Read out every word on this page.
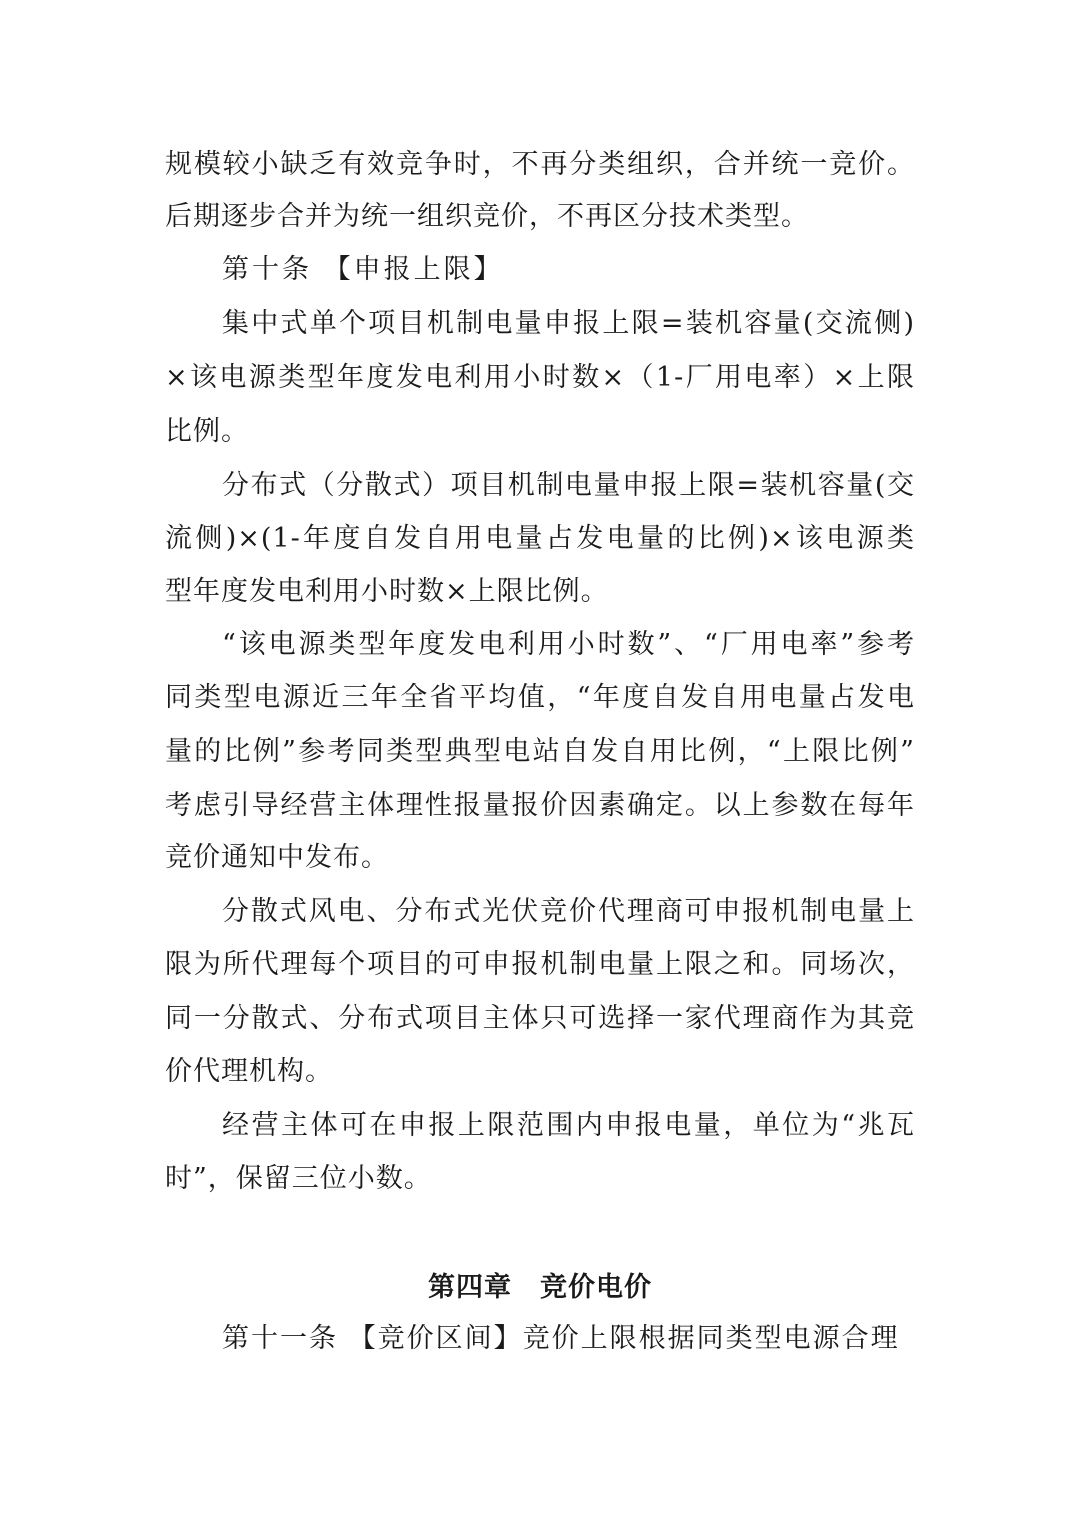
规模较小缺乏有效竞争时，不再分类组织，合并统一竞价。
后期逐步合并为统一组织竞价，不再区分技术类型。
第十条 【申报上限】
集中式单个项目机制电量申报上限=装机容量(交流侧)
×该电源类型年度发电利用小时数×（1-厂用电率）×上限
比例。
分布式（分散式）项目机制电量申报上限=装机容量(交
流侧)×(1-年度自发自用电量占发电量的比例)×该电源类
型年度发电利用小时数×上限比例。
“该电源类型年度发电利用小时数”、“厂用电率”参考
同类型电源近三年全省平均值，“年度自发自用电量占发电
量的比例”参考同类型典型电站自发自用比例，“上限比例”
考虑引导经营主体理性报量报价因素确定。以上参数在每年
竞价通知中发布。
分散式风电、分布式光伏竞价代理商可申报机制电量上
限为所代理每个项目的可申报机制电量上限之和。同场次，
同一分散式、分布式项目主体只可选择一家代理商作为其竞
价代理机构。
经营主体可在申报上限范围内申报电量，单位为“兆瓦
时”，保留三位小数。
第四章 竞价电价
第十一条 【竞价区间】竞价上限根据同类型电源合理
